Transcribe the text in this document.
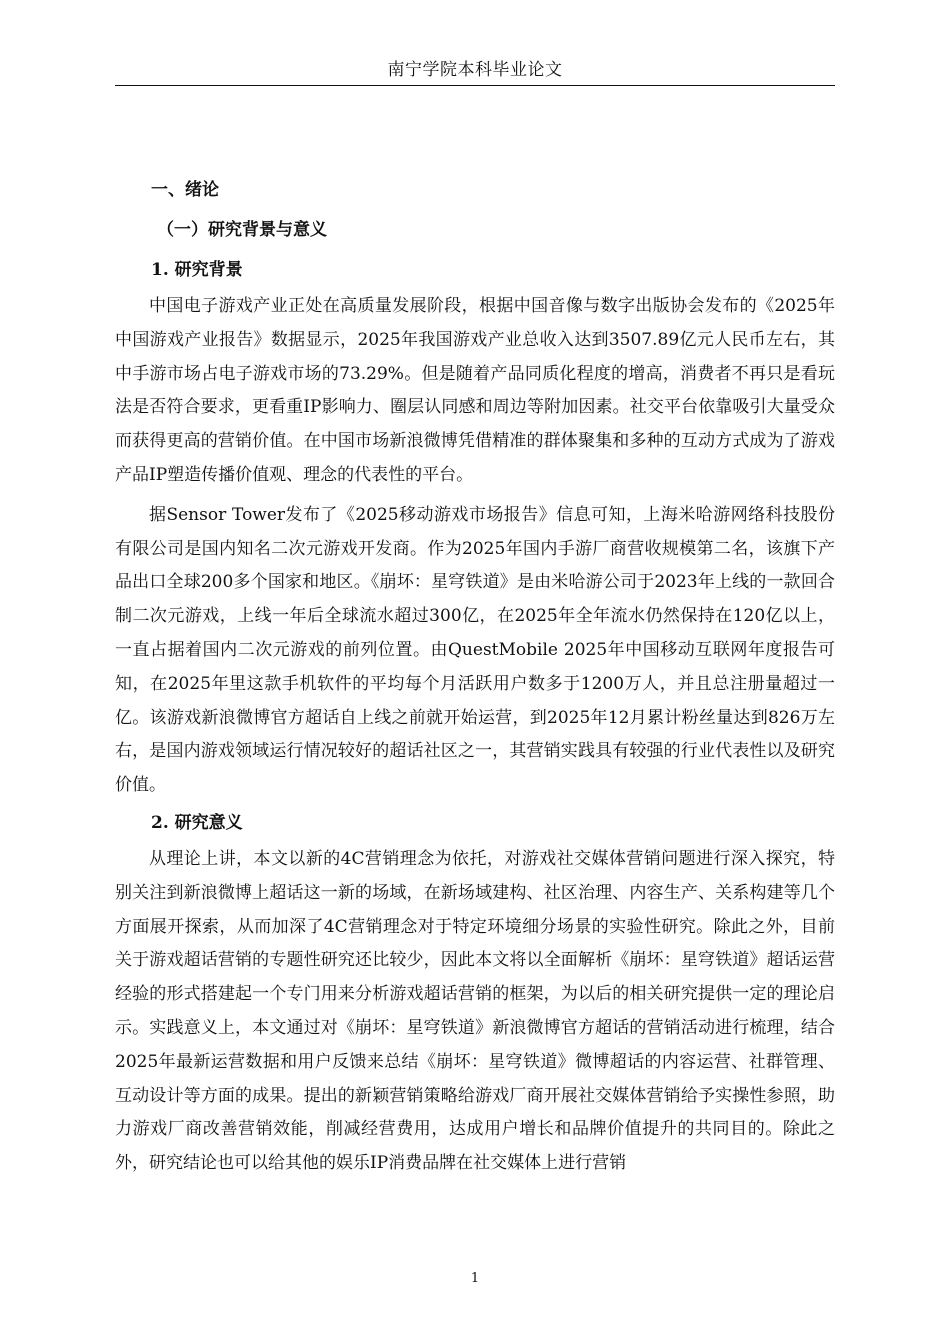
南宁学院本科毕业论文

一、绪论

（一）研究背景与意义

1. 研究背景

中国电子游戏产业正处在高质量发展阶段，根据中国音像与数字出版协会发布的《2025年中国游戏产业报告》数据显示，2025年我国游戏产业总收入达到3507.89亿元人民币左右，其中手游市场占电子游戏市场的73.29%。但是随着产品同质化程度的增高，消费者不再只是看玩法是否符合要求，更看重IP影响力、圈层认同感和周边等附加因素。社交平台依靠吸引大量受众而获得更高的营销价值。在中国市场新浪微博凭借精准的群体聚集和多种的互动方式成为了游戏产品IP塑造传播价值观、理念的代表性的平台。

据Sensor Tower发布了《2025移动游戏市场报告》信息可知，上海米哈游网络科技股份有限公司是国内知名二次元游戏开发商。作为2025年国内手游厂商营收规模第二名，该旗下产品出口全球200多个国家和地区。《崩坏：星穹铁道》是由米哈游公司于2023年上线的一款回合制二次元游戏，上线一年后全球流水超过300亿，在2025年全年流水仍然保持在120亿以上，一直占据着国内二次元游戏的前列位置。由QuestMobile 2025年中国移动互联网年度报告可知，在2025年里这款手机软件的平均每个月活跃用户数多于1200万人，并且总注册量超过一亿。该游戏新浪微博官方超话自上线之前就开始运营，到2025年12月累计粉丝量达到826万左右，是国内游戏领域运行情况较好的超话社区之一，其营销实践具有较强的行业代表性以及研究价值。

2. 研究意义

从理论上讲，本文以新的4C营销理念为依托，对游戏社交媒体营销问题进行深入探究，特别关注到新浪微博上超话这一新的场域，在新场域建构、社区治理、内容生产、关系构建等几个方面展开探索，从而加深了4C营销理念对于特定环境细分场景的实验性研究。除此之外，目前关于游戏超话营销的专题性研究还比较少，因此本文将以全面解析《崩坏：星穹铁道》超话运营经验的形式搭建起一个专门用来分析游戏超话营销的框架，为以后的相关研究提供一定的理论启示。实践意义上，本文通过对《崩坏：星穹铁道》新浪微博官方超话的营销活动进行梳理，结合2025年最新运营数据和用户反馈来总结《崩坏：星穹铁道》微博超话的内容运营、社群管理、互动设计等方面的成果。提出的新颖营销策略给游戏厂商开展社交媒体营销给予实操性参照，助力游戏厂商改善营销效能，削减经营费用，达成用户增长和品牌价值提升的共同目的。除此之外，研究结论也可以给其他的娱乐IP消费品牌在社交媒体上进行营销

1
